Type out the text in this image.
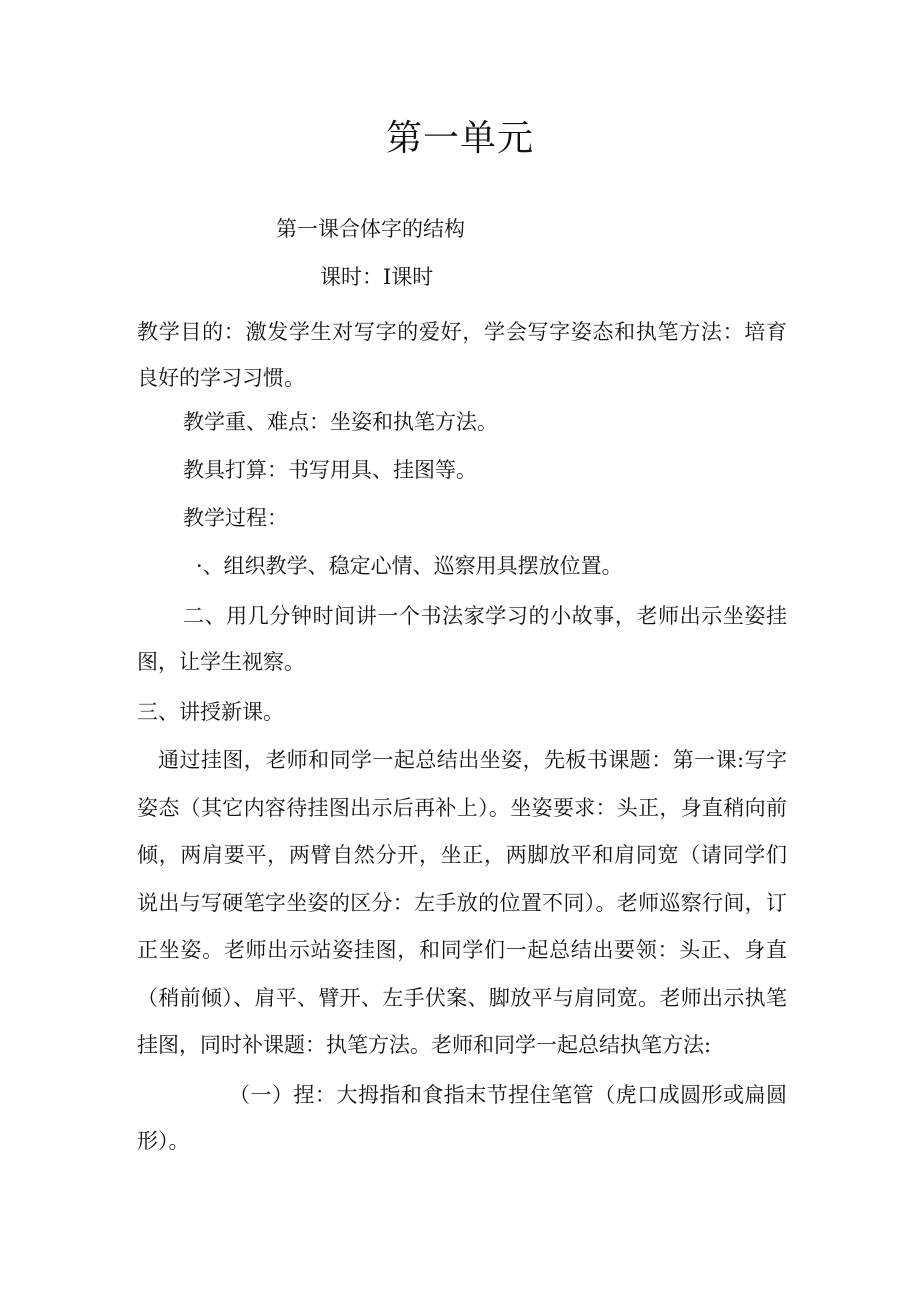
第一单元
第一课合体字的结构
课时：I课时
教学目的：激发学生对写字的爱好，学会写字姿态和执笔方法：培育良好的学习习惯。
教学重、难点：坐姿和执笔方法。
教具打算：书写用具、挂图等。
教学过程：
·、组织教学、稳定心情、巡察用具摆放位置。
二、用几分钟时间讲一个书法家学习的小故事，老师出示坐姿挂图，让学生视察。
三、讲授新课。
通过挂图，老师和同学一起总结出坐姿，先板书课题：第一课:写字姿态（其它内容待挂图出示后再补上）。坐姿要求：头正，身直稍向前倾，两肩要平，两臂自然分开，坐正，两脚放平和肩同宽（请同学们说出与写硬笔字坐姿的区分：左手放的位置不同）。老师巡察行间，订正坐姿。老师出示站姿挂图，和同学们一起总结出要领：头正、身直（稍前倾）、肩平、臂开、左手伏案、脚放平与肩同宽。老师出示执笔挂图，同时补课题：执笔方法。老师和同学一起总结执笔方法:
（一）捏：大拇指和食指末节捏住笔管（虎口成圆形或扁圆形）。
